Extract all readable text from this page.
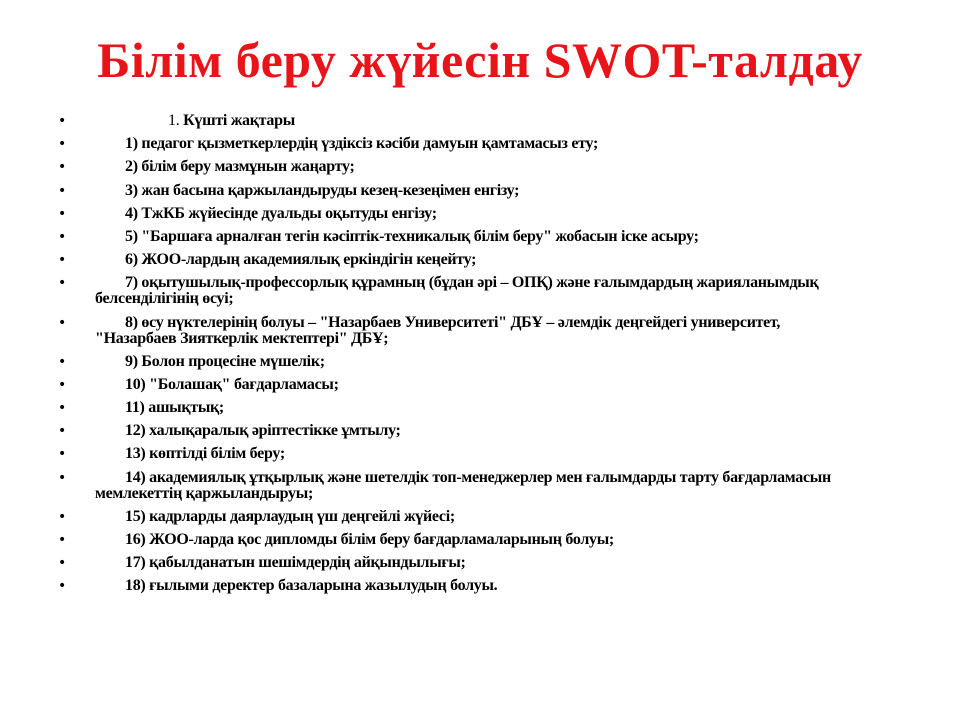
Білім беру жүйесін SWOT-талдау
•	1. Күшті жақтары
•	1) педагог қызметкерлердің үздіксіз кәсіби дамуын қамтамасыз ету;
•	2) білім беру мазмұнын жаңарту;
•	3) жан басына қаржыландыруды кезең-кезеңімен енгізу;
•	4) ТжКБ жүйесінде дуальды оқытуды енгізу;
•	5) "Баршаға арналған тегін кәсіптік-техникалық білім беру" жобасын іске асыру;
•	6) ЖОО-лардың академиялық еркіндігін кеңейту;
•	7) оқытушылық-профессорлық құрамның (бұдан әрі – ОПҚ) және ғалымдардың жарияланымдық белсенділігінің өсуі;
•	8) өсу нүктелерінің болуы – "Назарбаев Университеті" ДБҰ – әлемдік деңгейдегі университет, "Назарбаев Зияткерлік мектептері" ДБҰ;
•	9) Болон процесіне мүшелік;
•	10) "Болашақ" бағдарламасы;
•	11) ашықтық;
•	12) халықаралық әріптестікке ұмтылу;
•	13) көптілді білім беру;
•	14) академиялық ұтқырлық және шетелдік топ-менеджерлер мен ғалымдарды тарту бағдарламасын мемлекеттің қаржыландыруы;
•	15) кадрларды даярлаудың үш деңгейлі жүйесі;
•	16) ЖОО-ларда қос дипломды білім беру бағдарламаларының болуы;
•	17) қабылданатын шешімдердің айқындылығы;
•	18) ғылыми деректер базаларына жазылудың болуы.
